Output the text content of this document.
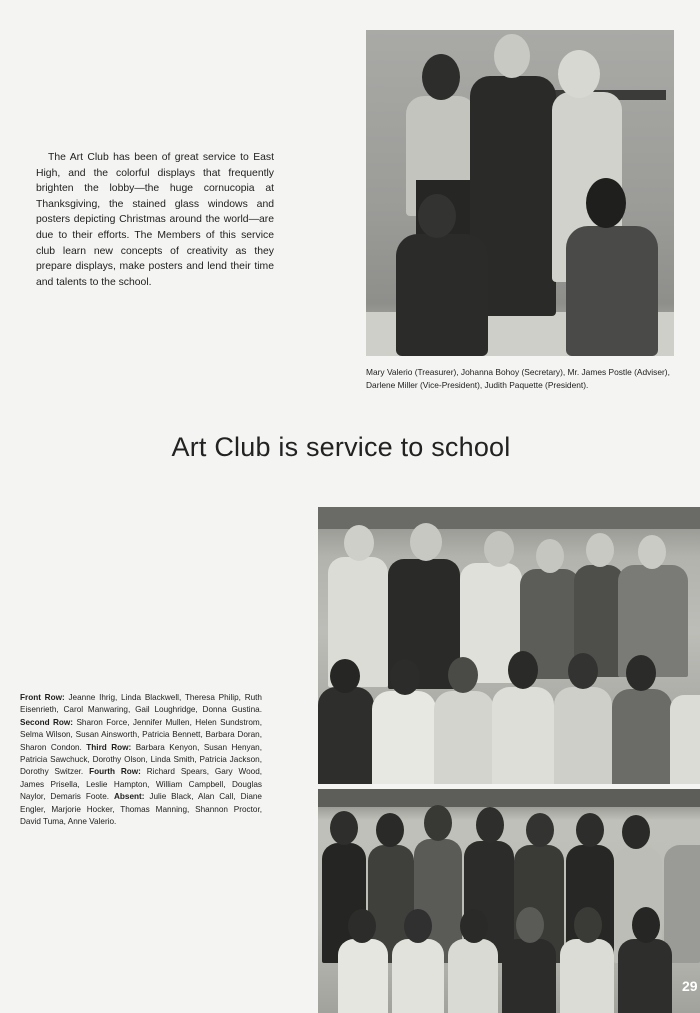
The Art Club has been of great service to East High, and the colorful displays that frequently brighten the lobby—the huge cornucopia at Thanksgiving, the stained glass windows and posters depicting Christmas around the world—are due to their efforts. The Members of this service club learn new concepts of creativity as they prepare displays, make posters and lend their time and talents to the school.

Mary Valerio (Treasurer), Johanna Bohoy (Secretary), Mr. James Postle (Adviser), Darlene Miller (Vice-President), Judith Paquette (President).

Art Club is service to school
29

Front Row: Jeanne Ihrig, Linda Blackwell, Theresa Philip, Ruth Eisenrieth, Carol Manwaring, Gail Loughridge, Donna Gustina. Second Row: Sharon Force, Jennifer Mullen, Helen Sundstrom, Selma Wilson, Susan Ainsworth, Patricia Bennett, Barbara Doran, Sharon Condon. Third Row: Barbara Kenyon, Susan Henyan, Patricia Sawchuck, Dorothy Olson, Linda Smith, Patricia Jackson, Dorothy Switzer. Fourth Row: Richard Spears, Gary Wood, James Prisella, Leslie Hampton, William Campbell, Douglas Naylor, Demaris Foote. Absent: Julie Black, Alan Call, Diane Engler, Marjorie Hocker, Thomas Manning, Shannon Proctor, David Tuma, Anne Valerio.
